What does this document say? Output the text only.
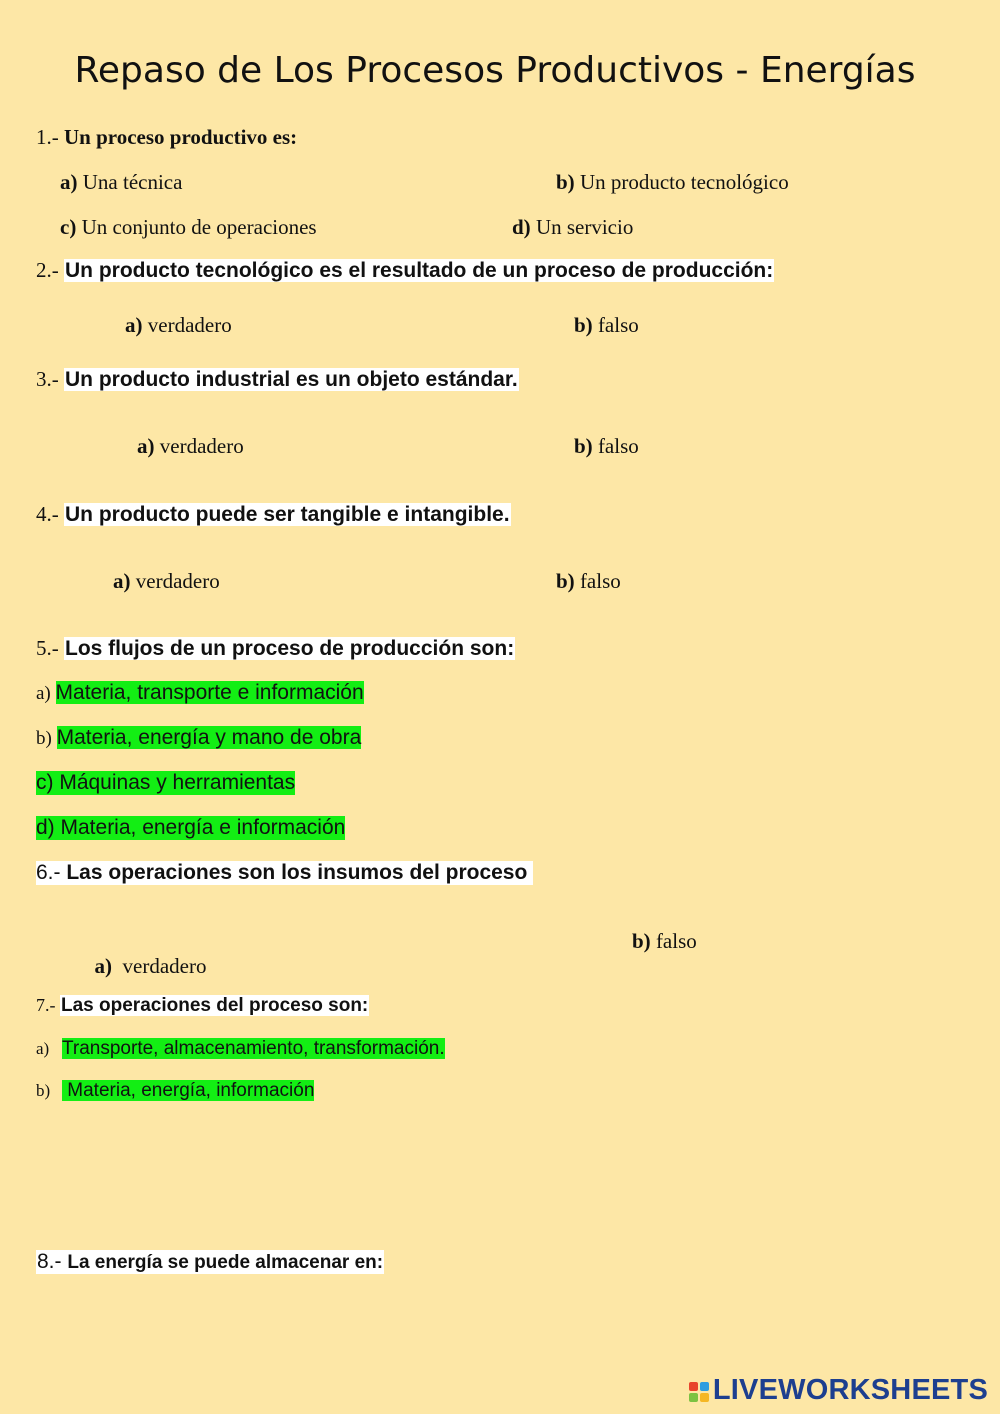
Repaso de Los Procesos Productivos - Energías
1.- Un proceso productivo es:
a) Una técnica	b) Un producto tecnológico
c) Un conjunto de operaciones	d) Un servicio
2.- Un producto tecnológico es el resultado de un proceso de producción:
a) verdadero	b) falso
3.- Un producto industrial es un objeto estándar.
a) verdadero	b) falso
4.- Un producto puede ser tangible e intangible.
a) verdadero	b) falso
5.- Los flujos de un proceso de producción son:
a) Materia, transporte e información
b) Materia, energía y mano de obra
c) Máquinas y herramientas
d) Materia, energía e información
6.- Las operaciones son los insumos del proceso

a)  verdadero

b) falso
7.- Las operaciones del proceso son:
a) Transporte, almacenamiento, transformación.
b) Materia, energía, información
8.- La energía se puede almacenar en:
LIVEWORKSHEETS
